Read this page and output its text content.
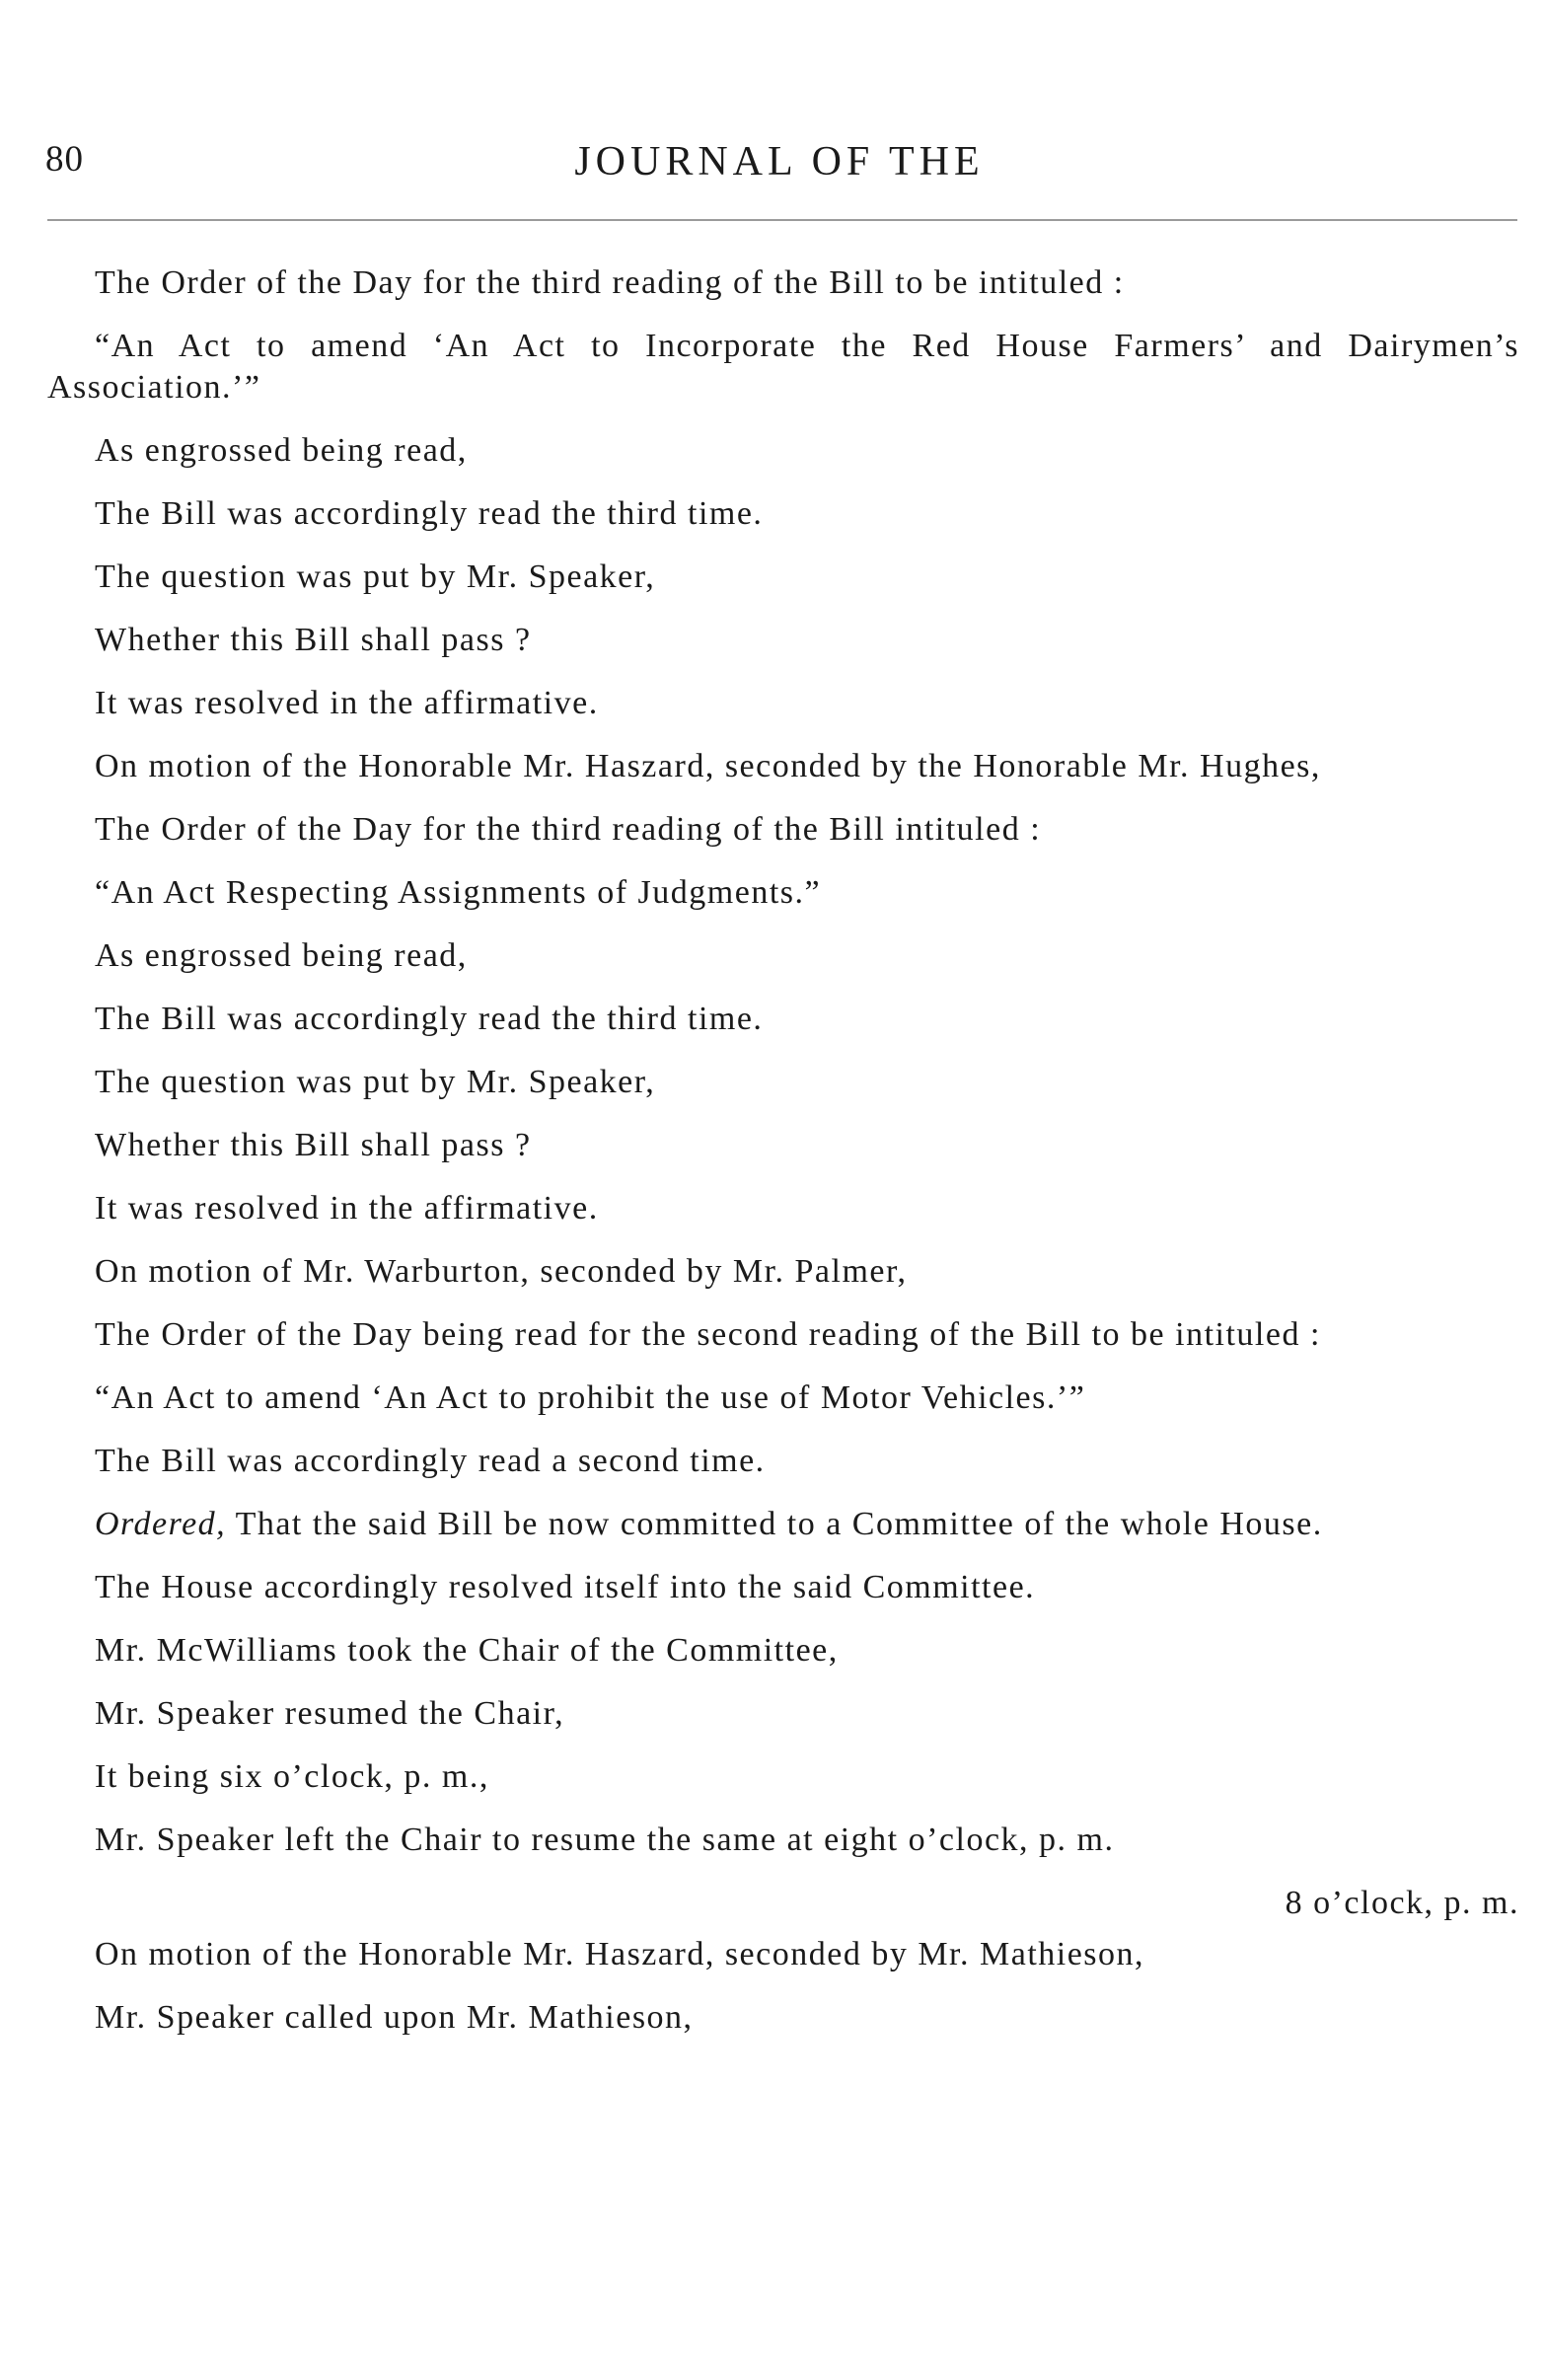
80	JOURNAL OF THE

The Order of the Day for the third reading of the Bill to be intituled :

“An Act to amend ‘An Act to Incorporate the Red House Farmers’ and Dairymen’s Association.’”

As engrossed being read,

The Bill was accordingly read the third time.

The question was put by Mr. Speaker,

Whether this Bill shall pass ?

It was resolved in the affirmative.

On motion of the Honorable Mr. Haszard, seconded by the Honorable Mr. Hughes,

The Order of the Day for the third reading of the Bill intituled :

“An Act Respecting Assignments of Judgments.”

As engrossed being read,

The Bill was accordingly read the third time.

The question was put by Mr. Speaker,

Whether this Bill shall pass ?

It was resolved in the affirmative.

On motion of Mr. Warburton, seconded by Mr. Palmer,

The Order of the Day being read for the second reading of the Bill to be intituled :

“An Act to amend ‘An Act to prohibit the use of Motor Vehicles.’”

The Bill was accordingly read a second time.

Ordered, That the said Bill be now committed to a Committee of the whole House.

The House accordingly resolved itself into the said Committee.

Mr. McWilliams took the Chair of the Committee,

Mr. Speaker resumed the Chair,

It being six o’clock, p. m.,

Mr. Speaker left the Chair to resume the same at eight o’clock, p. m.

8 o’clock, p. m.

On motion of the Honorable Mr. Haszard, seconded by Mr. Mathieson,

Mr. Speaker called upon Mr. Mathieson,
